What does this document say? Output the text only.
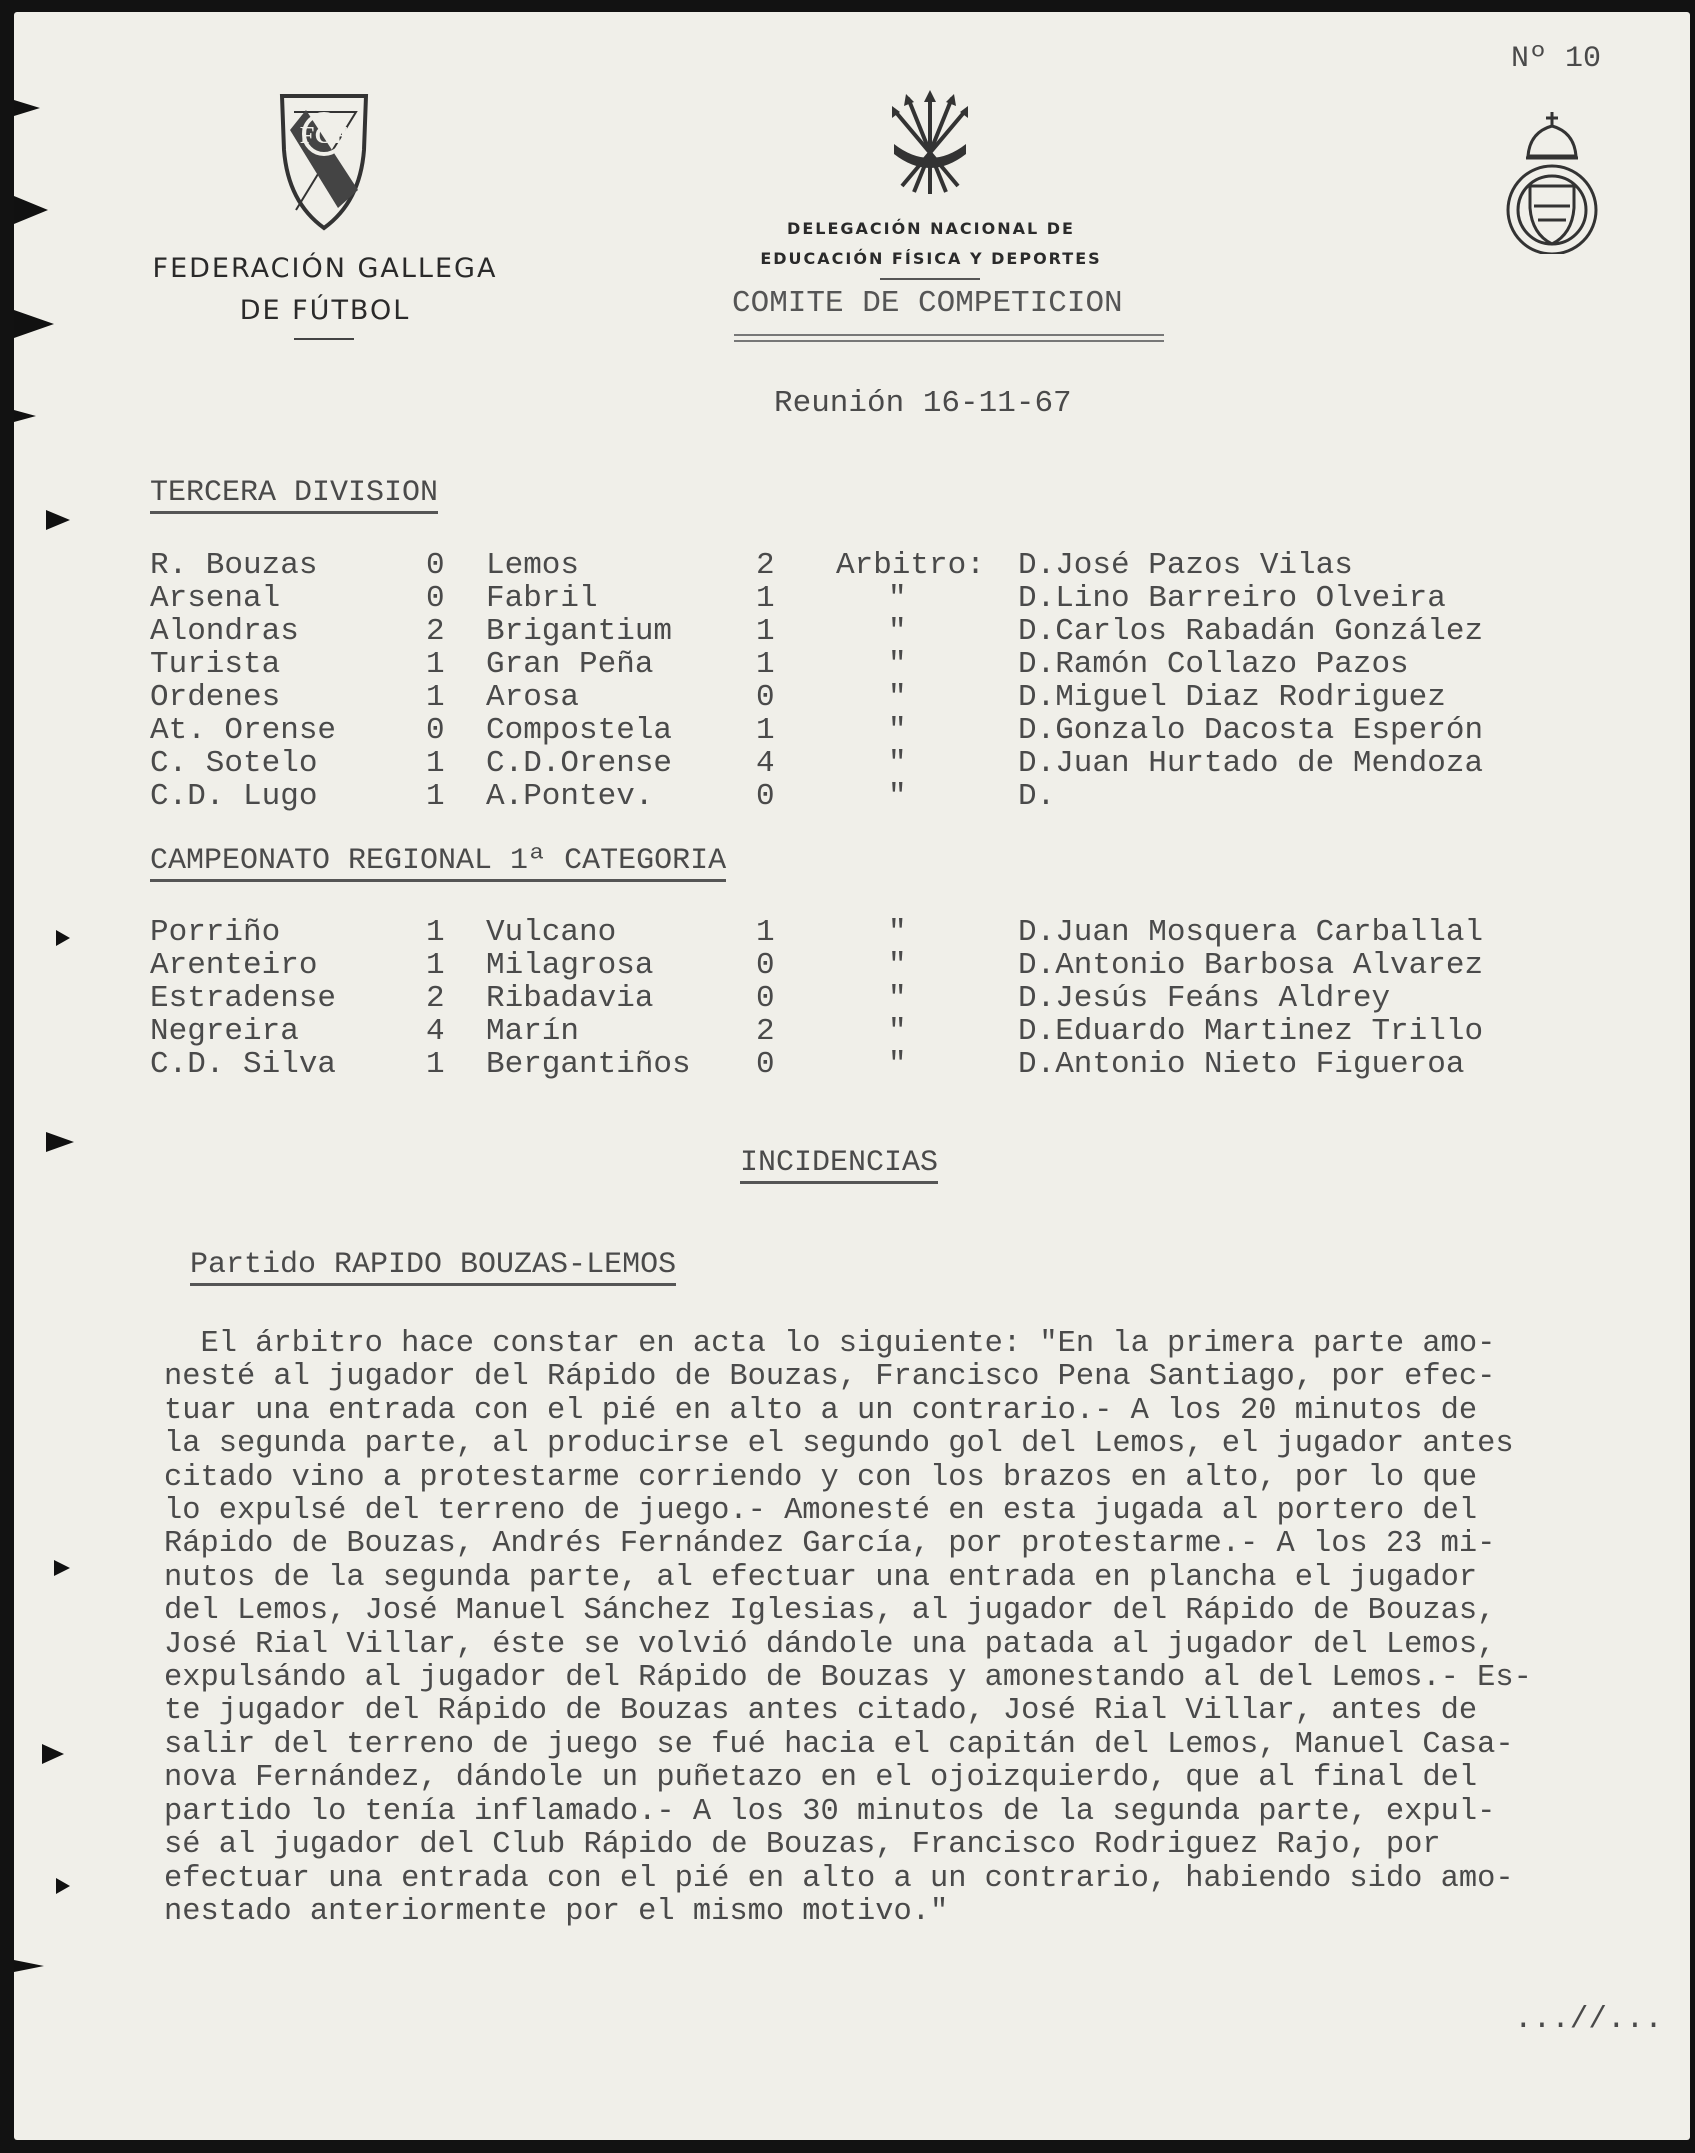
Nº 10
FGF
FEDERACIÓN GALLEGA
DE FÚTBOL
DELEGACIÓN NACIONAL DE
EDUCACIÓN FÍSICA Y DEPORTES
COMITE DE COMPETICION
Reunión 16-11-67
TERCERA DIVISION
R. Bouzas	0 Lemos	2 Arbitro: D.José Pazos Vilas
Arsenal	0 Fabril	1	"	D.Lino Barreiro Olveira
Alondras	2 Brigantium	1	"	D.Carlos Rabadán González
Turista	1 Gran Peña	1	"	D.Ramón Collazo Pazos
Ordenes	1 Arosa	0	"	D.Miguel Diaz Rodriguez
At. Orense	0 Compostela	1	"	D.Gonzalo Dacosta Esperón
C. Sotelo	1 C.D.Orense	4	"	D.Juan Hurtado de Mendoza
C.D. Lugo	1 A.Pontev.	0	"	D.
CAMPEONATO REGIONAL 1ª CATEGORIA
Porriño	1 Vulcano	1	"	D.Juan Mosquera Carballal
Arenteiro	1 Milagrosa	0	"	D.Antonio Barbosa Alvarez
Estradense	2 Ribadavia	0	"	D.Jesús Feáns Aldrey
Negreira	4 Marín	2	"	D.Eduardo Martinez Trillo
C.D. Silva	1 Bergantiños 0	"	D.Antonio Nieto Figueroa
INCIDENCIAS
Partido RAPIDO BOUZAS-LEMOS
El árbitro hace constar en acta lo siguiente: "En la primera parte amo-
nesté al jugador del Rápido de Bouzas, Francisco Pena Santiago, por efec-
tuar una entrada con el pié en alto a un contrario.- A los 20 minutos de
la segunda parte, al producirse el segundo gol del Lemos, el jugador antes
citado vino a protestarme corriendo y con los brazos en alto, por lo que
lo expulsé del terreno de juego.- Amonesté en esta jugada al portero del
Rápido de Bouzas, Andrés Fernández García, por protestarme.- A los 23 mi-
nutos de la segunda parte, al efectuar una entrada en plancha el jugador
del Lemos, José Manuel Sánchez Iglesias, al jugador del Rápido de Bouzas,
José Rial Villar, éste se volvió dándole una patada al jugador del Lemos,
expulsándo al jugador del Rápido de Bouzas y amonestando al del Lemos.- Es-
te jugador del Rápido de Bouzas antes citado, José Rial Villar, antes de
salir del terreno de juego se fué hacia el capitán del Lemos, Manuel Casa-
nova Fernández, dándole un puñetazo en el ojoizquierdo, que al final del
partido lo tenía inflamado.- A los 30 minutos de la segunda parte, expul-
sé al jugador del Club Rápido de Bouzas, Francisco Rodriguez Rajo, por
efectuar una entrada con el pié en alto a un contrario, habiendo sido amo-
nestado anteriormente por el mismo motivo."
...//...
